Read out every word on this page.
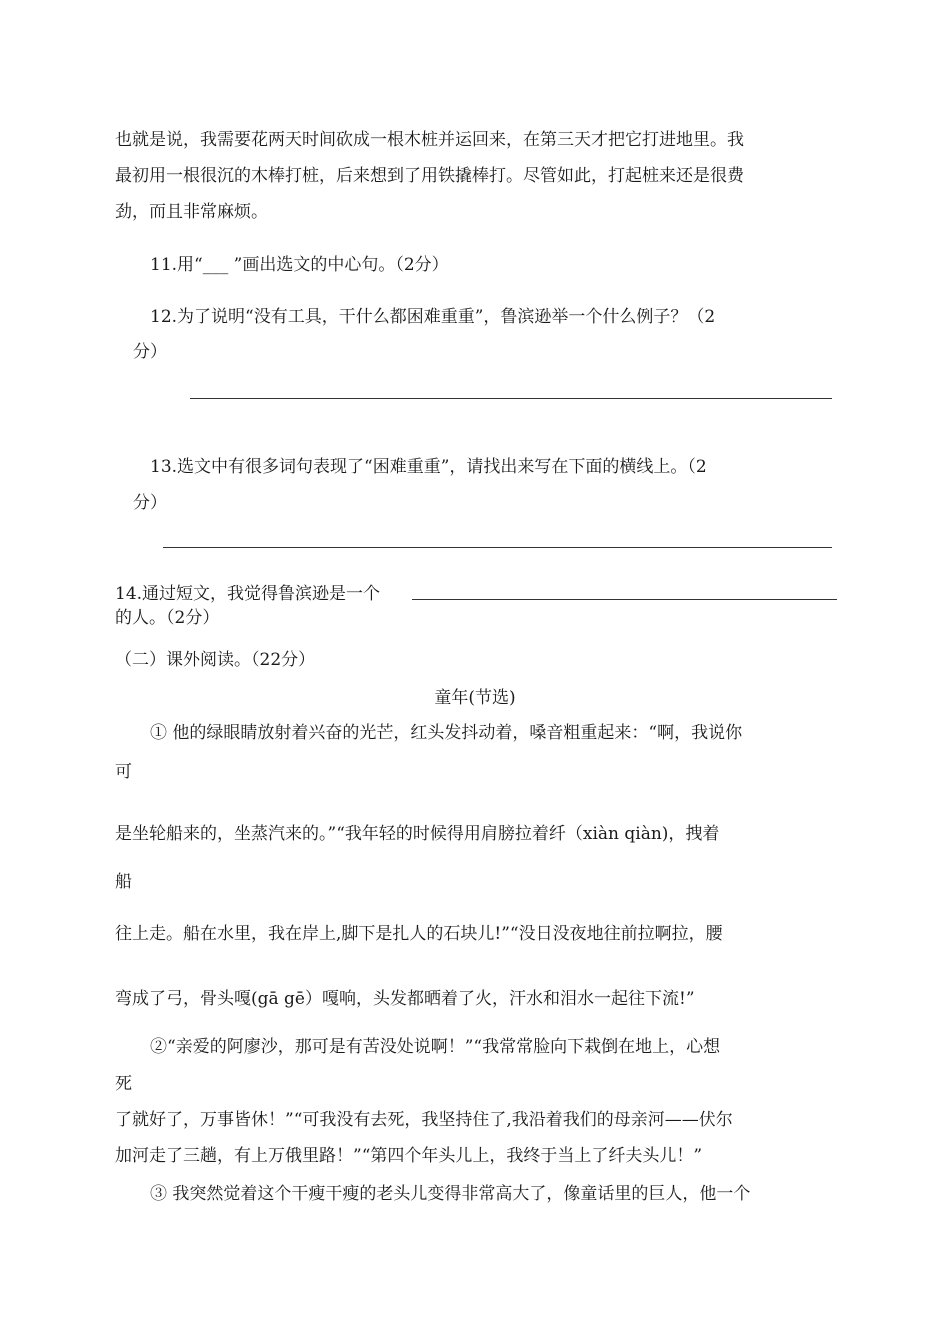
也就是说，我需要花两天时间砍成一根木桩并运回来，在第三天才把它打进地里。我
最初用一根很沉的木棒打桩，后来想到了用铁撬棒打。尽管如此，打起桩来还是很费
劲，而且非常麻烦。
11.用“___ ”画出选文的中心句。（2分）
12.为了说明“没有工具，干什么都困难重重”，鲁滨逊举一个什么例子？（2
分）
13.选文中有很多词句表现了“困难重重”，请找出来写在下面的横线上。（2
分）
14.通过短文，我觉得鲁滨逊是一个
的人。（2分）
（二）课外阅读。（22分）
童年(节选)
① 他的绿眼睛放射着兴奋的光芒，红头发抖动着，嗓音粗重起来：“啊，我说你
可
是坐轮船来的，坐蒸汽来的。”“我年轻的时候得用肩膀拉着纤（xiàn qiàn)，拽着
船
往上走。船在水里，我在岸上,脚下是扎人的石块儿!”“没日没夜地往前拉啊拉，腰
弯成了弓，骨头嘎(gā gē）嘎响，头发都晒着了火，汗水和泪水一起往下流!”
②“亲爱的阿廖沙，那可是有苦没处说啊！”“我常常脸向下栽倒在地上，心想
死
了就好了，万事皆休！”“可我没有去死，我坚持住了,我沿着我们的母亲河——伏尔
加河走了三趟，有上万俄里路！”“第四个年头儿上，我终于当上了纤夫头儿！”
③ 我突然觉着这个干瘦干瘦的老头儿变得非常高大了，像童话里的巨人，他一个
